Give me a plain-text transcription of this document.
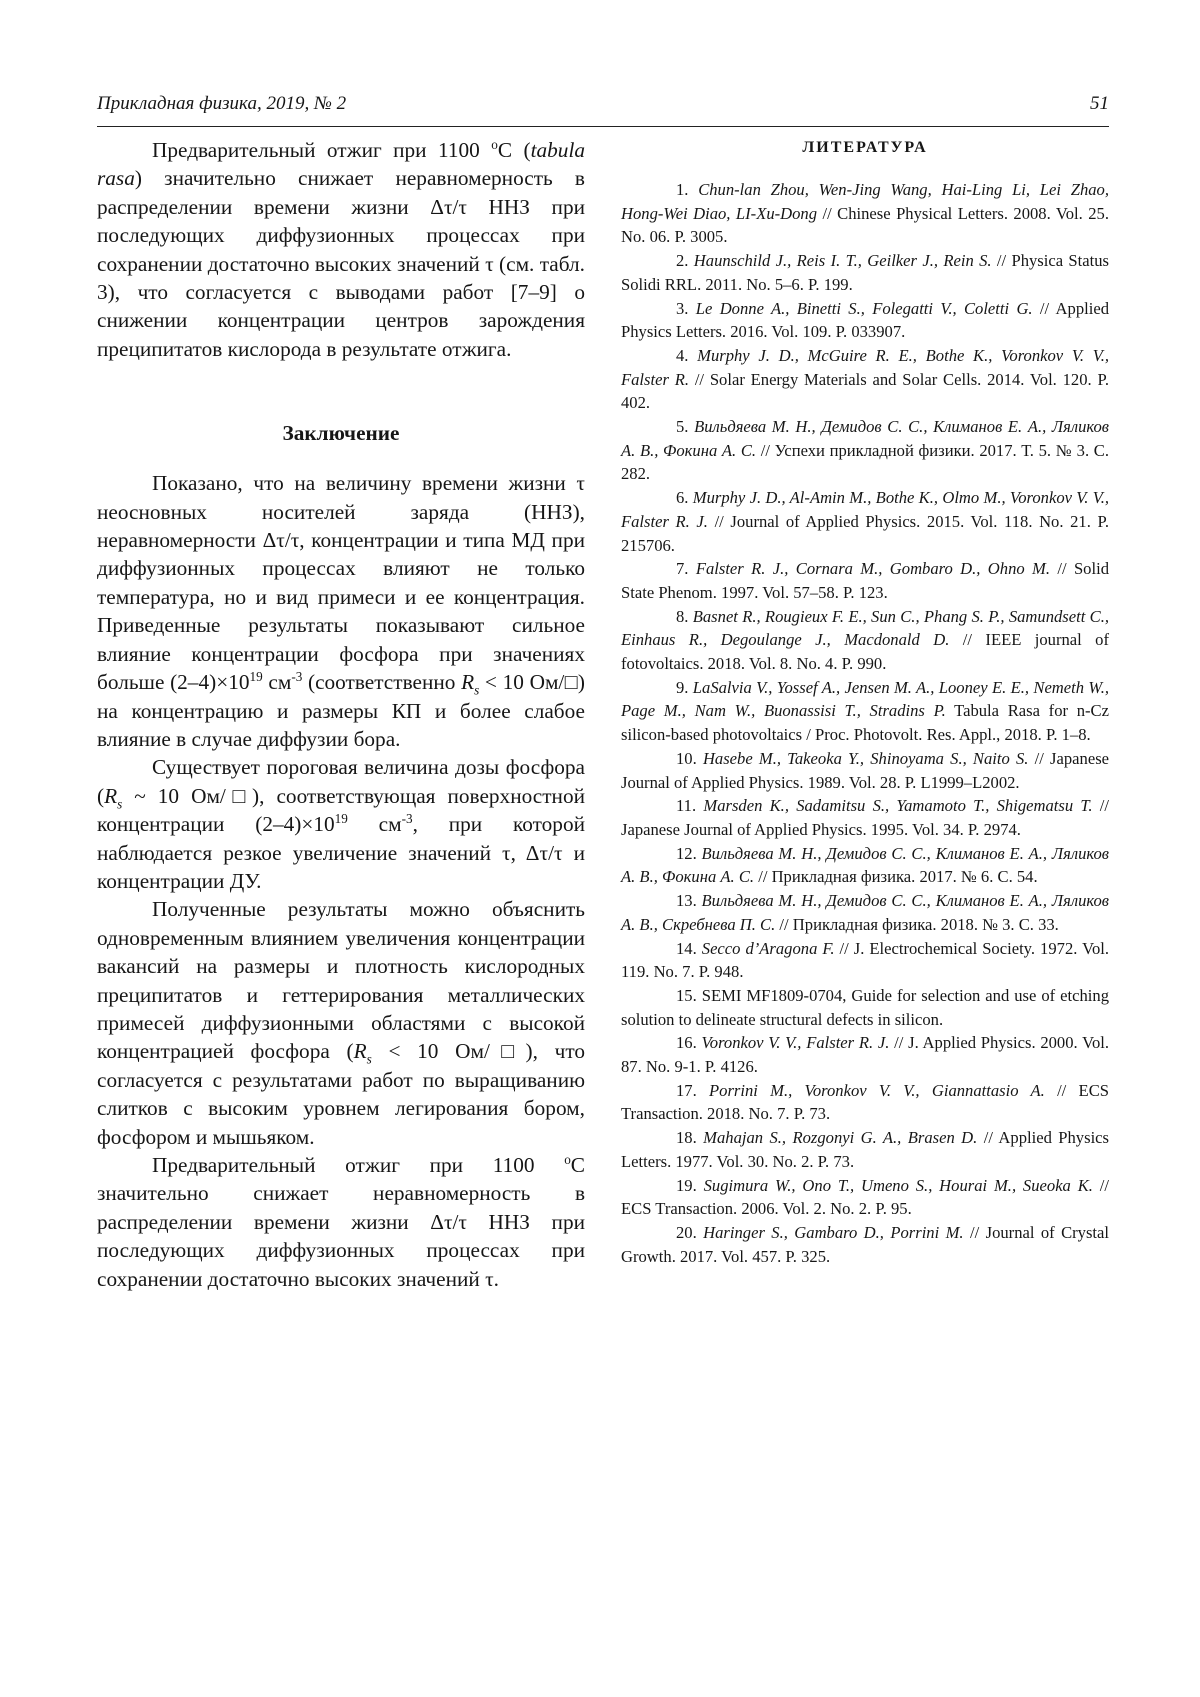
Прикладная физика, 2019, № 2	51

Предварительный отжиг при 1100 $^o$С (tabula rasa) значительно снижает неравномерность в распределении времени жизни Δτ/τ ННЗ при последующих диффузионных процессах при сохранении достаточно высоких значений τ (см. табл. 3), что согласуется с выводами работ [7–9] о снижении концентрации центров зарождения преципитатов кислорода в результате отжига.

Заключение

Показано, что на величину времени жизни τ неосновных носителей заряда (ННЗ), неравномерности Δτ/τ, концентрации и типа МД при диффузионных процессах влияют не только температура, но и вид примеси и ее концентрация. Приведенные результаты показывают сильное влияние концентрации фосфора при значениях больше $(2-4)\times 10^{19}$ $см^{-3}$ (соответственно $R_s < 10$ Ом/□) на концентрацию и размеры КП и более слабое влияние в случае диффузии бора.

Существует пороговая величина дозы фосфора ($R_s$ ~ 10 Ом/□), соответствующая поверхностной концентрации $(2-4)\times 10^{19}$ $см^{-3}$, при которой наблюдается резкое увеличение значений τ, Δτ/τ и концентрации ДУ.

Полученные результаты можно объяснить одновременным влиянием увеличения концентрации вакансий на размеры и плотность кислородных преципитатов и геттерирования металлических примесей диффузионными областями с высокой концентрацией фосфора ($R_s < 10$ Ом/□), что согласуется с результатами работ по выращиванию слитков с высоким уровнем легирования бором, фосфором и мышьяком.

Предварительный отжиг при 1100 $^o$С значительно снижает неравномерность в распределении времени жизни Δτ/τ ННЗ при последующих диффузионных процессах при сохранении достаточно высоких значений τ.

ЛИТЕРАТУРА

1. Chun-lan Zhou, Wen-Jing Wang, Hai-Ling Li, Lei Zhao, Hong-Wei Diao, LI-Xu-Dong // Chinese Physical Letters. 2008. Vol. 25. No. 06. P. 3005.

2. Haunschild J., Reis I. T., Geilker J., Rein S. // Physica Status Solidi RRL. 2011. No. 5–6. P. 199.

3. Le Donne A., Binetti S., Folegatti V., Coletti G. // Applied Physics Letters. 2016. Vol. 109. P. 033907.

4. Murphy J. D., McGuire R. E., Bothe K., Voronkov V. V., Falster R. // Solar Energy Materials and Solar Cells. 2014. Vol. 120. P. 402.

5. Вильдяева М. Н., Демидов С. С., Климанов Е. А., Ляликов А. В., Фокина А. С. // Успехи прикладной физики. 2017. Т. 5. № 3. С. 282.

6. Murphy J. D., Al-Amin M., Bothe K., Olmo M., Voronkov V. V., Falster R. J. // Journal of Applied Physics. 2015. Vol. 118. No. 21. P. 215706.

7. Falster R. J., Cornara M., Gombaro D., Ohno M. // Solid State Phenom. 1997. Vol. 57–58. P. 123.

8. Basnet R., Rougieux F. E., Sun C., Phang S. P., Samundsett C., Einhaus R., Degoulange J., Macdonald D. // IEEE journal of fotovoltaics. 2018. Vol. 8. No. 4. P. 990.

9. LaSalvia V., Yossef A., Jensen M. A., Looney E. E., Nemeth W., Page M., Nam W., Buonassisi T., Stradins P. Tabula Rasa for n-Cz silicon-based photovoltaics / Proc. Photovolt. Res. Appl., 2018. P. 1–8.

10. Hasebe M., Takeoka Y., Shinoyama S., Naito S. // Japanese Journal of Applied Physics. 1989. Vol. 28. P. L1999–L2002.

11. Marsden K., Sadamitsu S., Yamamoto T., Shigematsu T. // Japanese Journal of Applied Physics. 1995. Vol. 34. P. 2974.

12. Вильдяева М. Н., Демидов С. С., Климанов Е. А., Ляликов А. В., Фокина А. С. // Прикладная физика. 2017. № 6. С. 54.

13. Вильдяева М. Н., Демидов С. С., Климанов Е. А., Ляликов А. В., Скребнева П. С. // Прикладная физика. 2018. № 3. С. 33.

14. Secco d’Aragona F. // J. Electrochemical Society. 1972. Vol. 119. No. 7. P. 948.

15. SEMI MF1809-0704, Guide for selection and use of etching solution to delineate structural defects in silicon.

16. Voronkov V. V., Falster R. J. // J. Applied Physics. 2000. Vol. 87. No. 9-1. P. 4126.

17. Porrini M., Voronkov V. V., Giannattasio A. // ECS Transaction. 2018. No. 7. P. 73.

18. Mahajan S., Rozgonyi G. A., Brasen D. // Applied Physics Letters. 1977. Vol. 30. No. 2. P. 73.

19. Sugimura W., Ono T., Umeno S., Hourai M., Sueoka K. // ECS Transaction. 2006. Vol. 2. No. 2. P. 95.

20. Haringer S., Gambaro D., Porrini M. // Journal of Crystal Growth. 2017. Vol. 457. P. 325.
